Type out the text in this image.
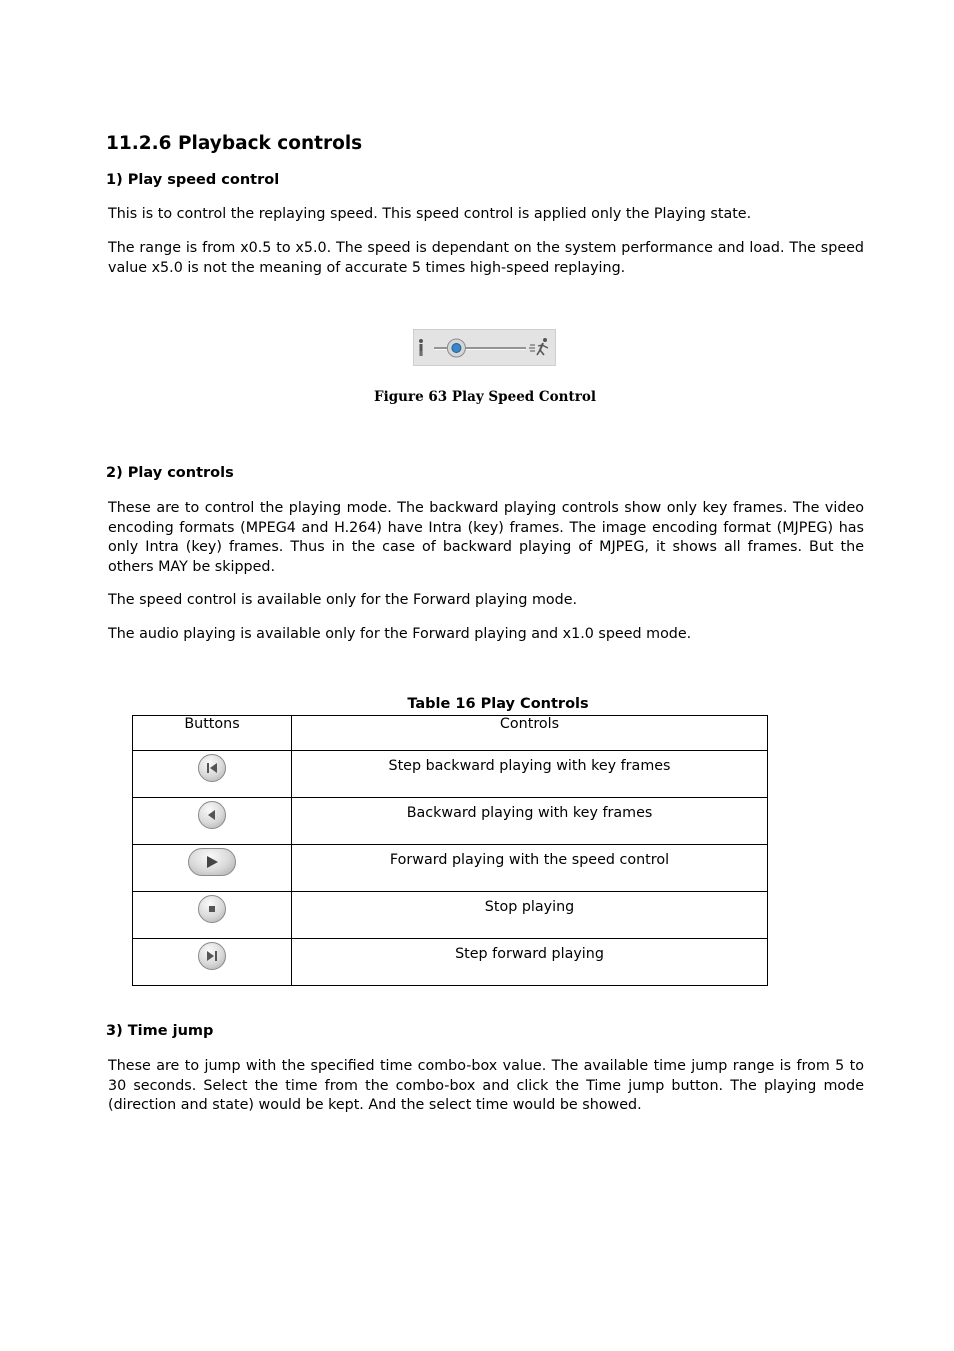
11.2.6 Playback controls
1) Play speed control
This is to control the replaying speed. This speed control is applied only the Playing state.
The range is from x0.5 to x5.0. The speed is dependant on the system performance and load. The speed value x5.0 is not the meaning of accurate 5 times high-speed replaying.
Figure 63 Play Speed Control
2) Play controls
These are to control the playing mode. The backward playing controls show only key frames. The video encoding formats (MPEG4 and H.264) have Intra (key) frames. The image encoding format (MJPEG) has only Intra (key) frames. Thus in the case of backward playing of MJPEG, it shows all frames. But the others MAY be skipped.
The speed control is available only for the Forward playing mode.
The audio playing is available only for the Forward playing and x1.0 speed mode.
Table 16 Play Controls
Buttons	Controls

Step backward playing with key frames

Backward playing with key frames

Forward playing with the speed control

Stop playing

Step forward playing
3) Time jump
These are to jump with the specified time combo-box value. The available time jump range is from 5 to 30 seconds. Select the time from the combo-box and click the Time jump button. The playing mode (direction and state) would be kept. And the select time would be showed.
